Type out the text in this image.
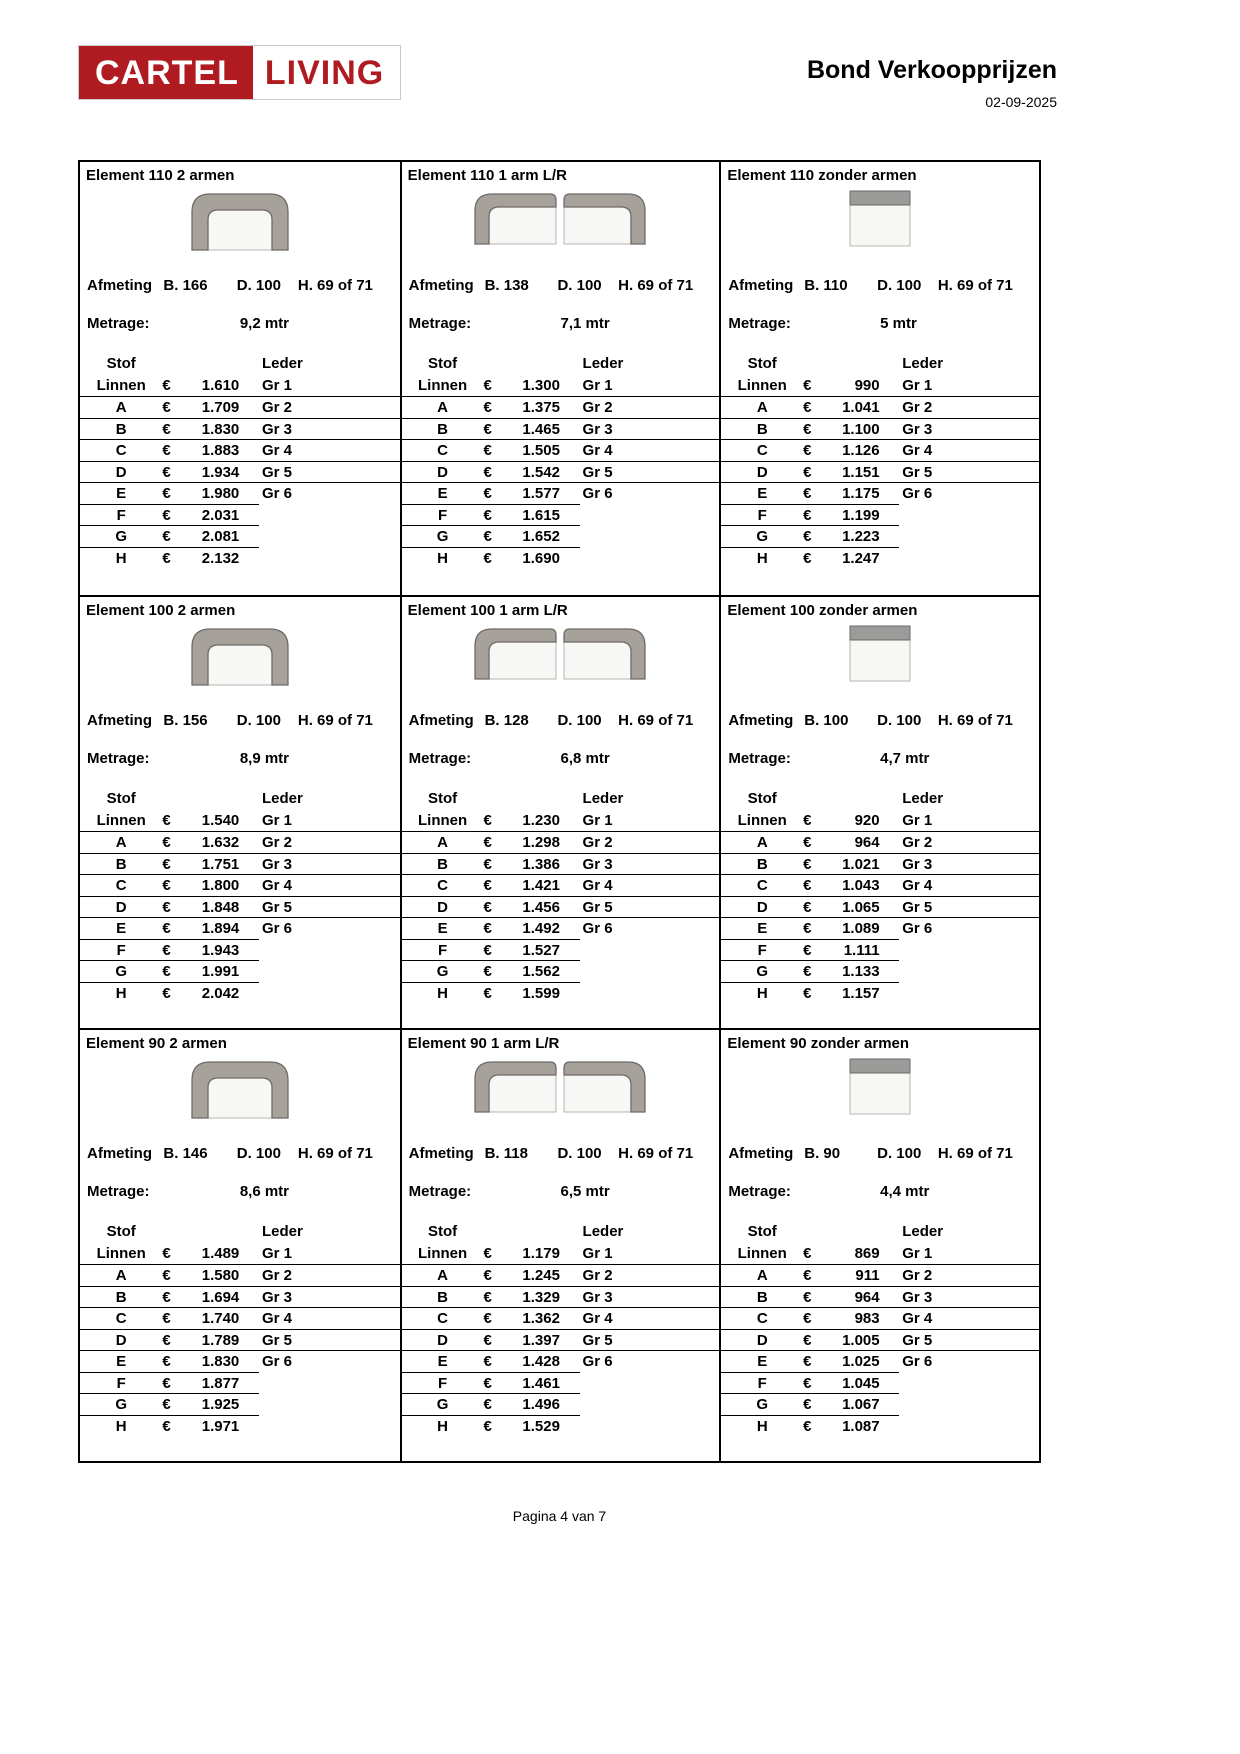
CARTEL LIVING	Bond Verkoopprijzen
02-09-2025
Element 110 2 armen
Afmeting B. 166	D. 100	H. 69 of 71
Metrage:	9,2 mtr
Stof	Leder
Linnen	€	1.610 Gr 1
A	€	1.709 Gr 2
B	€	1.830 Gr 3
C	€	1.883 Gr 4
D	€	1.934 Gr 5
E	€	1.980 Gr 6
F	€	2.031
G	€	2.081
H	€	2.132
Element 110 1 arm L/R
Afmeting B. 138	D. 100	H. 69 of 71
Metrage:	7,1 mtr
Stof	Leder
Linnen	€	1.300 Gr 1
A	€	1.375 Gr 2
B	€	1.465 Gr 3
C	€	1.505 Gr 4
D	€	1.542 Gr 5
E	€	1.577 Gr 6
F	€	1.615
G	€	1.652
H	€	1.690
Element 110 zonder armen
Afmeting B. 110	D. 100	H. 69 of 71
Metrage:	5 mtr
Stof	Leder
Linnen	€	990 Gr 1
A	€	1.041 Gr 2
B	€	1.100 Gr 3
C	€	1.126 Gr 4
D	€	1.151 Gr 5
E	€	1.175 Gr 6
F	€	1.199
G	€	1.223
H	€	1.247
Element 100 2 armen
Afmeting B. 156	D. 100	H. 69 of 71
Metrage:	8,9 mtr
Stof	Leder
Linnen	€	1.540 Gr 1
A	€	1.632 Gr 2
B	€	1.751 Gr 3
C	€	1.800 Gr 4
D	€	1.848 Gr 5
E	€	1.894 Gr 6
F	€	1.943
G	€	1.991
H	€	2.042
Element 100 1 arm L/R
Afmeting B. 128	D. 100	H. 69 of 71
Metrage:	6,8 mtr
Stof	Leder
Linnen	€	1.230 Gr 1
A	€	1.298 Gr 2
B	€	1.386 Gr 3
C	€	1.421 Gr 4
D	€	1.456 Gr 5
E	€	1.492 Gr 6
F	€	1.527
G	€	1.562
H	€	1.599
Element 100 zonder armen
Afmeting B. 100	D. 100	H. 69 of 71
Metrage:	4,7 mtr
Stof	Leder
Linnen	€	920 Gr 1
A	€	964 Gr 2
B	€	1.021 Gr 3
C	€	1.043 Gr 4
D	€	1.065 Gr 5
E	€	1.089 Gr 6
F	€	1.111
G	€	1.133
H	€	1.157
Element 90 2 armen
Afmeting B. 146	D. 100	H. 69 of 71
Metrage:	8,6 mtr
Stof	Leder
Linnen	€	1.489 Gr 1
A	€	1.580 Gr 2
B	€	1.694 Gr 3
C	€	1.740 Gr 4
D	€	1.789 Gr 5
E	€	1.830 Gr 6
F	€	1.877
G	€	1.925
H	€	1.971
Element 90 1 arm L/R
Afmeting B. 118	D. 100	H. 69 of 71
Metrage:	6,5 mtr
Stof	Leder
Linnen	€	1.179 Gr 1
A	€	1.245 Gr 2
B	€	1.329 Gr 3
C	€	1.362 Gr 4
D	€	1.397 Gr 5
E	€	1.428 Gr 6
F	€	1.461
G	€	1.496
H	€	1.529
Element 90 zonder armen
Afmeting B. 90	D. 100	H. 69 of 71
Metrage:	4,4 mtr
Stof	Leder
Linnen	€	869 Gr 1
A	€	911 Gr 2
B	€	964 Gr 3
C	€	983 Gr 4
D	€	1.005 Gr 5
E	€	1.025 Gr 6
F	€	1.045
G	€	1.067
H	€	1.087
Pagina 4 van 7
